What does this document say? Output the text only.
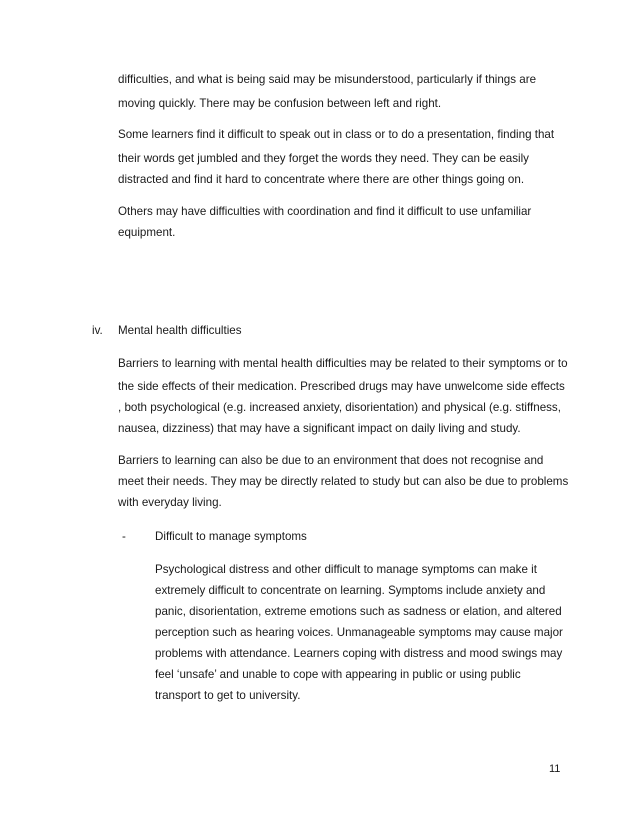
difficulties, and what is being said may be misunderstood, particularly if things are

moving quickly. There may be confusion between left and right.

Some learners find it difficult to speak out in class or to do a presentation, finding that

their words get jumbled and they forget the words they need. They can be easily

distracted and find it hard to concentrate where there are other things going on.

Others may have difficulties with coordination and find it difficult to use unfamiliar

equipment.

iv. Mental health difficulties

Barriers to learning with mental health difficulties may be related to their symptoms or to

the side effects of their medication. Prescribed drugs may have unwelcome side effects

, both psychological (e.g. increased anxiety, disorientation) and physical (e.g. stiffness,

nausea, dizziness) that may have a significant impact on daily living and study.

Barriers to learning can also be due to an environment that does not recognise and

meet their needs. They may be directly related to study but can also be due to problems

with everyday living.

-	Difficult to manage symptoms

Psychological distress and other difficult to manage symptoms can make it

extremely difficult to concentrate on learning. Symptoms include anxiety and

panic, disorientation, extreme emotions such as sadness or elation, and altered

perception such as hearing voices. Unmanageable symptoms may cause major

problems with attendance. Learners coping with distress and mood swings may

feel ‘unsafe’ and unable to cope with appearing in public or using public

transport to get to university.

11
